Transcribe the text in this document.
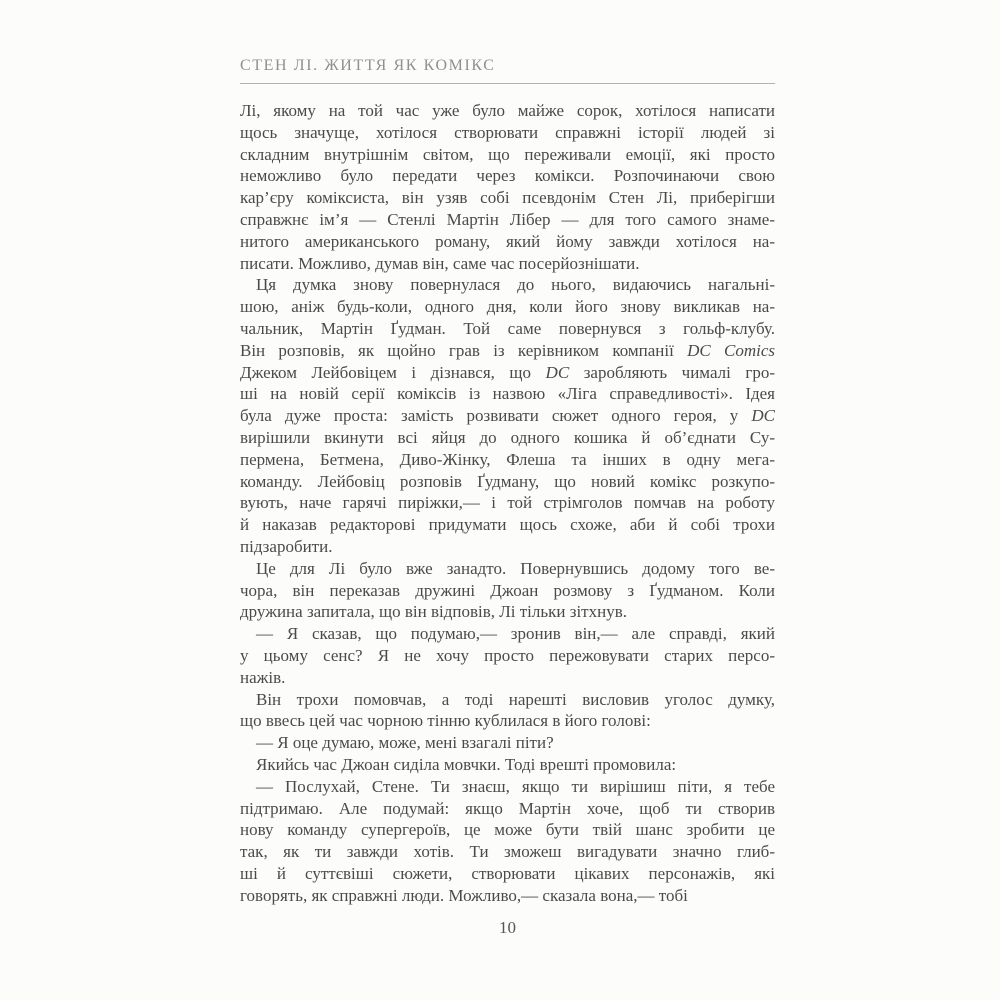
СТЕН ЛІ. ЖИТТЯ ЯК КОМІКС
Лі, якому на той час уже було майже сорок, хотілося написати
щось значуще, хотілося створювати справжні історії людей зі
складним внутрішнім світом, що переживали емоції, які просто
неможливо було передати через комікси. Розпочинаючи свою
кар’єру коміксиста, він узяв собі псевдонім Стен Лі, приберігши
справжнє ім’я — Стенлі Мартін Лібер — для того самого знаме-
нитого американського роману, який йому завжди хотілося на-
писати. Можливо, думав він, саме час посерйознішати.
Ця думка знову повернулася до нього, видаючись нагальні-
шою, аніж будь-коли, одного дня, коли його знову викликав на-
чальник, Мартін Ґудман. Той саме повернувся з гольф-клубу.
Він розповів, як щойно грав із керівником компанії DC Comics
Джеком Лейбовіцем і дізнався, що DC заробляють чималі гро-
ші на новій серії коміксів із назвою «Ліга справедливості». Ідея
була дуже проста: замість розвивати сюжет одного героя, у DC
вирішили вкинути всі яйця до одного кошика й об’єднати Су-
пермена, Бетмена, Диво-Жінку, Флеша та інших в одну мега-
команду. Лейбовіц розповів Ґудману, що новий комікс розкупо-
вують, наче гарячі пиріжки,— і той стрімголов помчав на роботу
й наказав редакторові придумати щось схоже, аби й собі трохи
підзаробити.
Це для Лі було вже занадто. Повернувшись додому того ве-
чора, він переказав дружині Джоан розмову з Ґудманом. Коли
дружина запитала, що він відповів, Лі тільки зітхнув.
— Я сказав, що подумаю,— зронив він,— але справді, який
у цьому сенс? Я не хочу просто пережовувати старих персо-
нажів.
Він трохи помовчав, а тоді нарешті висловив уголос думку,
що ввесь цей час чорною тінню кублилася в його голові:
— Я оце думаю, може, мені взагалі піти?
Якийсь час Джоан сиділа мовчки. Тоді врешті промовила:
— Послухай, Стене. Ти знаєш, якщо ти вирішиш піти, я тебе
підтримаю. Але подумай: якщо Мартін хоче, щоб ти створив
нову команду супергероїв, це може бути твій шанс зробити це
так, як ти завжди хотів. Ти зможеш вигадувати значно глиб-
ші й суттєвіші сюжети, створювати цікавих персонажів, які
говорять, як справжні люди. Можливо,— сказала вона,— тобі
10
